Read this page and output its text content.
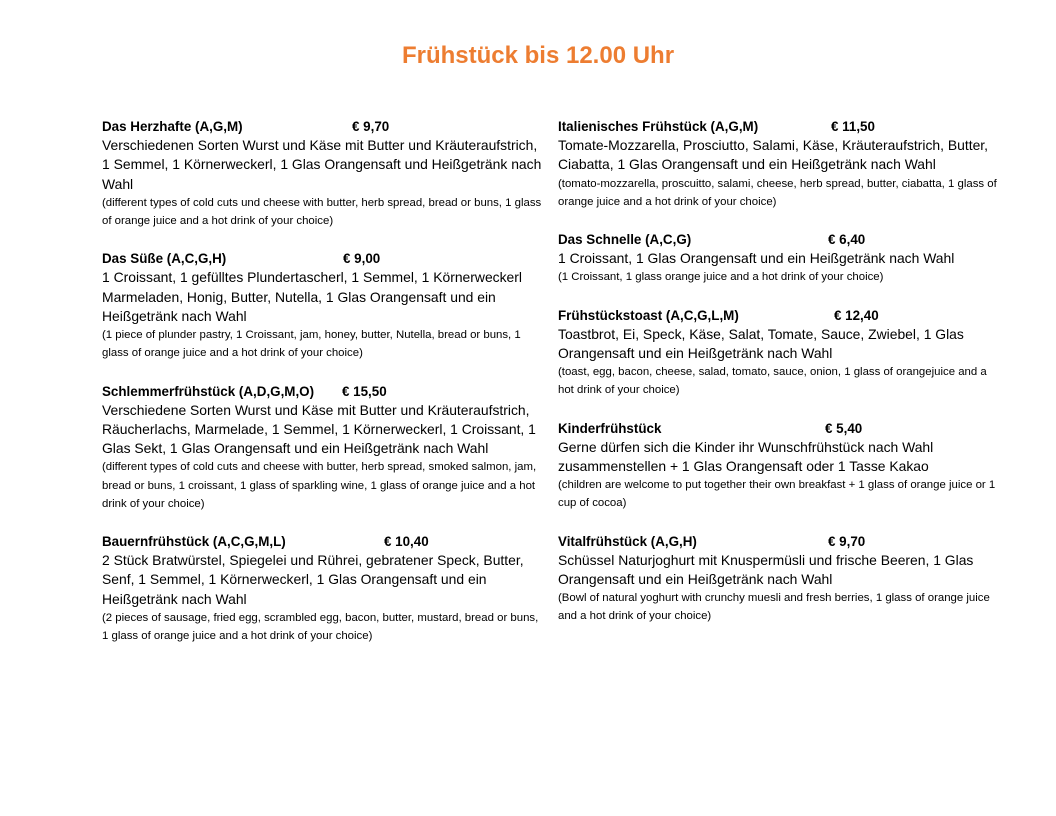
Frühstück bis 12.00 Uhr
Das Herzhafte (A,G,M)	€ 9,70

Verschiedenen Sorten Wurst und Käse mit Butter und Kräuteraufstrich, 1 Semmel, 1 Körnerweckerl, 1 Glas Orangensaft und Heißgetränk nach Wahl

(different types of cold cuts und cheese with butter, herb spread, bread or buns, 1 glass of orange juice and a hot drink of your choice)

Das Süße (A,C,G,H)	€ 9,00

1 Croissant, 1 gefülltes Plundertascherl, 1 Semmel, 1 Körnerweckerl Marmeladen, Honig, Butter, Nutella, 1 Glas Orangensaft und ein Heißgetränk nach Wahl

(1 piece of plunder pastry, 1 Croissant, jam, honey, butter, Nutella, bread or buns, 1 glass of orange juice and a hot drink of your choice)

Schlemmerfrühstück (A,D,G,M,O) € 15,50

Verschiedene Sorten Wurst und Käse mit Butter und Kräuteraufstrich, Räucherlachs, Marmelade, 1 Semmel, 1 Körnerweckerl, 1 Croissant, 1 Glas Sekt, 1 Glas Orangensaft und ein Heißgetränk nach Wahl

(different types of cold cuts and cheese with butter, herb spread, smoked salmon, jam, bread or buns, 1 croissant, 1 glass of sparkling wine, 1 glass of orange juice and a hot drink of your choice)

Bauernfrühstück (A,C,G,M,L)	€ 10,40

2 Stück Bratwürstel, Spiegelei und Rührei, gebratener Speck, Butter, Senf, 1 Semmel, 1 Körnerweckerl, 1 Glas Orangensaft und ein Heißgetränk nach Wahl

(2 pieces of sausage, fried egg, scrambled egg, bacon, butter, mustard, bread or buns, 1 glass of orange juice and a hot drink of your choice)

Italienisches Frühstück (A,G,M)	€ 11,50

Tomate-Mozzarella, Prosciutto, Salami, Käse, Kräuteraufstrich, Butter, Ciabatta, 1 Glas Orangensaft und ein Heißgetränk nach Wahl

(tomato-mozzarella, proscuitto, salami, cheese, herb spread, butter, ciabatta, 1 glass of orange juice and a hot drink of your choice)

Das Schnelle (A,C,G)	€ 6,40

1 Croissant, 1 Glas Orangensaft und ein Heißgetränk nach Wahl

(1 Croissant, 1 glass orange juice and a hot drink of your choice)

Frühstückstoast (A,C,G,L,M)	€ 12,40

Toastbrot, Ei, Speck, Käse, Salat, Tomate, Sauce, Zwiebel, 1 Glas Orangensaft und ein Heißgetränk nach Wahl

(toast, egg, bacon, cheese, salad, tomato, sauce, onion, 1 glass of orangejuice and a hot drink of your choice)

Kinderfrühstück	€ 5,40

Gerne dürfen sich die Kinder ihr Wunschfrühstück nach Wahl zusammenstellen + 1 Glas Orangensaft oder 1 Tasse Kakao

(children are welcome to put together their own breakfast + 1 glass of orange juice or 1 cup of cocoa)

Vitalfrühstück (A,G,H)	€ 9,70

Schüssel Naturjoghurt mit Knuspermüsli und frische Beeren, 1 Glas Orangensaft und ein Heißgetränk nach Wahl

(Bowl of natural yoghurt with crunchy muesli and fresh berries, 1 glass of orange juice and a hot drink of your choice)
